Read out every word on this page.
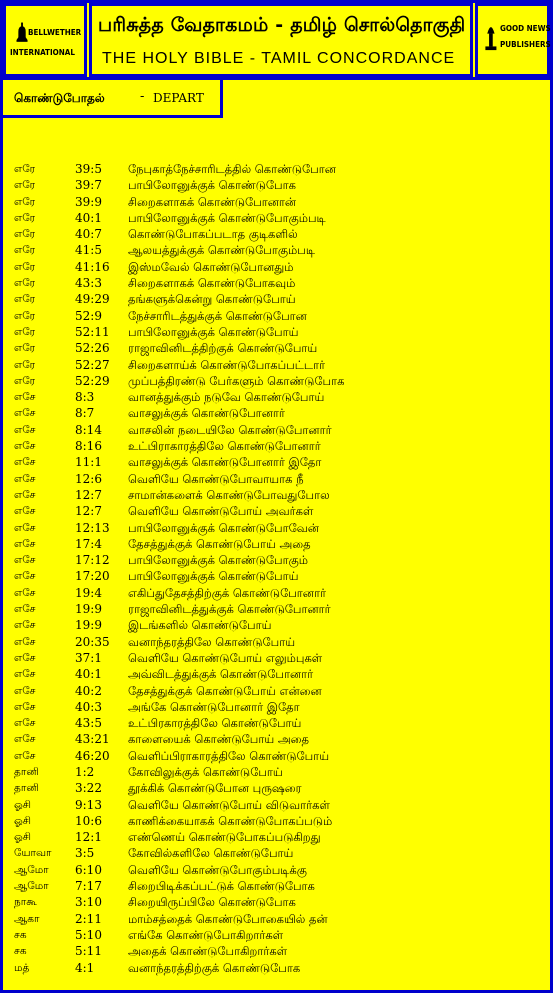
BELLWETHER
INTERNATIONAL
பரிசுத்த வேதாகமம் - தமிழ் சொல்தொகுதி
THE HOLY BIBLE - TAMIL CONCORDANCE
GOOD NEWS
PUBLISHERS
கொண்டுபோதல்	- DEPART
எரே	39:5 நேபுகாத்நேச்சாரிடத்தில் கொண்டுபோன
எரே	39:7 பாபிலோனுக்குக் கொண்டுபோக
எரே	39:9 சிறைகளாகக் கொண்டுபோனான்
எரே	40:1 பாபிலோனுக்குக் கொண்டுபோகும்படி
எரே	40:7 கொண்டுபோகப்படாத குடிகளில்
எரே	41:5 ஆலயத்துக்குக் கொண்டுபோகும்படி
எரே	41:16 இஸ்மவேல் கொண்டுபோனதும்
எரே	43:3 சிறைகளாகக் கொண்டுபோகவும்
எரே	49:29 தங்களுக்கென்று கொண்டுபோய்
எரே	52:9 நேச்சாரிடத்துக்குக் கொண்டுபோன
எரே	52:11 பாபிலோனுக்குக் கொண்டுபோய்
எரே	52:26 ராஜாவினிடத்திற்குக் கொண்டுபோய்
எரே	52:27 சிறைகளாய்க் கொண்டுபோகப்பட்டார்
எரே	52:29 முப்பத்திரண்டு பேர்களும் கொண்டுபோக
எசே	8:3	வானத்துக்கும் நடுவே கொண்டுபோய்
எசே	8:7	வாசலுக்குக் கொண்டுபோனார்
எசே	8:14 வாசலின் நடையிலே கொண்டுபோனார்
எசே	8:16 உட்பிராகாரத்திலே கொண்டுபோனார்
எசே	11:1 வாசலுக்குக் கொண்டுபோனார் இதோ
எசே	12:6 வெளியே கொண்டுபோவாயாக நீ
எசே	12:7 சாமான்களைக் கொண்டுபோவதுபோல
எசே	12:7 வெளியே கொண்டுபோய் அவர்கள்
எசே	12:13 பாபிலோனுக்குக் கொண்டுபோவேன்
எசே	17:4 தேசத்துக்குக் கொண்டுபோய் அதை
எசே	17:12 பாபிலோனுக்குக் கொண்டுபோகும்
எசே	17:20 பாபிலோனுக்குக் கொண்டுபோய்
எசே	19:4 எகிப்துதேசத்திற்குக் கொண்டுபோனார்
எசே	19:9 ராஜாவினிடத்துக்குக் கொண்டுபோனார்
எசே	19:9 இடங்களில் கொண்டுபோய்
எசே	20:35 வனாந்தரத்திலே கொண்டுபோய்
எசே	37:1 வெளியே கொண்டுபோய் எலும்புகள்
எசே	40:1 அவ்விடத்துக்குக் கொண்டுபோனார்
எசே	40:2 தேசத்துக்குக் கொண்டுபோய் என்னை
எசே	40:3 அங்கே கொண்டுபோனார் இதோ
எசே	43:5 உட்பிரகாரத்திலே கொண்டுபோய்
எசே	43:21 காளையைக் கொண்டுபோய் அதை
எசே	46:20 வெளிப்பிராகாரத்திலே கொண்டுபோய்
தானி	1:2	கோவிலுக்குக் கொண்டுபோய்
தானி	3:22 தூக்கிக் கொண்டுபோன புருஷரை
ஓசி	9:13 வெளியே கொண்டுபோய் விடுவார்கள்
ஓசி	10:6 காணிக்கையாகக் கொண்டுபோகப்படும்
ஓசி	12:1 எண்ணெய் கொண்டுபோகப்படுகிறது
யோவா 3:5	கோவில்களிலே கொண்டுபோய்
ஆமோ 6:10 வெளியே கொண்டுபோகும்படிக்கு
ஆமோ 7:17 சிறைபிடிக்கப்பட்டுக் கொண்டுபோக
நாகூ	3:10 சிறையிருப்பிலே கொண்டுபோக
ஆகா	2:11 மாம்சத்தைக் கொண்டுபோகையில் தன்
சக	5:10 எங்கே கொண்டுபோகிறார்கள்
சக	5:11 அதைக் கொண்டுபோகிறார்கள்
மத்	4:1	வனாந்தரத்திற்குக் கொண்டுபோக
